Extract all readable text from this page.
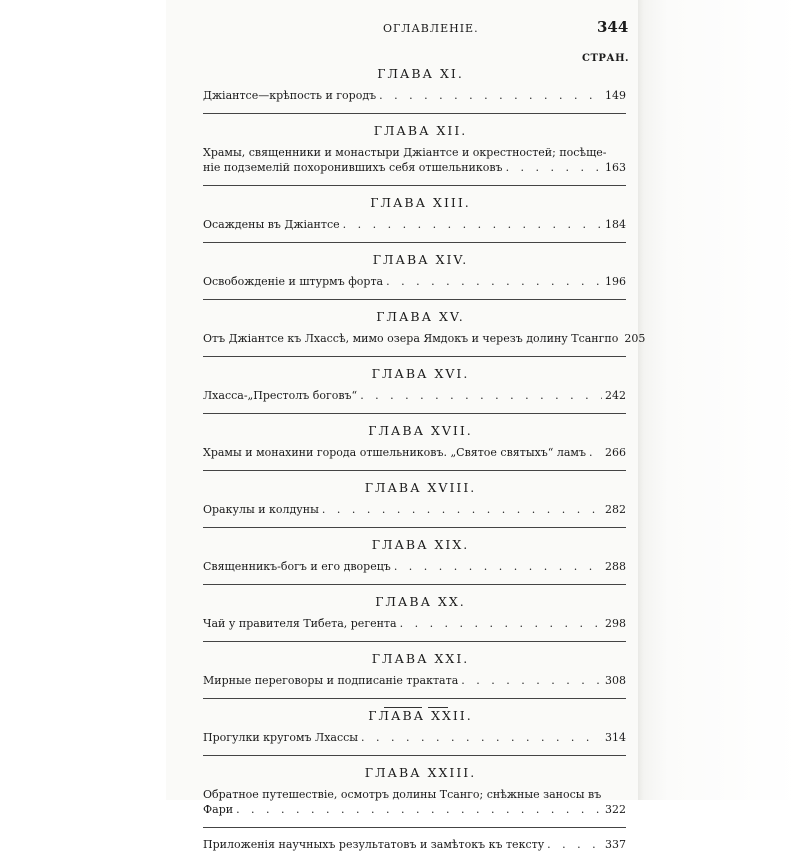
ОГЛАВЛЕНІЕ.	344
СТРАН.
ГЛАВА XI.
Джіантсе—крѣпость и городъ . . .	149
ГЛАВА XII.
Храмы, священники и монастыри Джіантсе и окрестностей; посѣще-
ніе подземелій похоронившихъ себя отшельниковъ . . .	163
ГЛАВА XIII.
Осаждены въ Джіантсе . . .	184
ГЛАВА XIV.
Освобожденіе и штурмъ форта . . .	196
ГЛАВА XV.
Отъ Джіантсе къ Лхассѣ, мимо озера Ямдокъ и черезъ долину Тсангпо 205
ГЛАВА XVI.
Лхасса-„Престолъ боговъ“ . . .	242
ГЛАВА XVII.
Храмы и монахини города отшельниковъ. „Святое святыхъ“ ламъ . . . 266
ГЛАВА XVIII.
Оракулы и колдуны . . .	282
ГЛАВА XIX.
Священникъ-богъ и его дворецъ . . .	288
ГЛАВА XX.
Чай у правителя Тибета, регента . . .	298
ГЛАВА XXI.
Мирные переговоры и подписаніе трактата . . .	308
ГЛАВА XXII.
Прогулки кругомъ Лхассы . . .	314
ГЛАВА XXIII.
Обратное путешествіе, осмотръ долины Тсанго; снѣжные заносы въ
Фари . . .	322
Приложенія научныхъ результатовъ и замѣтокъ къ тексту . . .	337
